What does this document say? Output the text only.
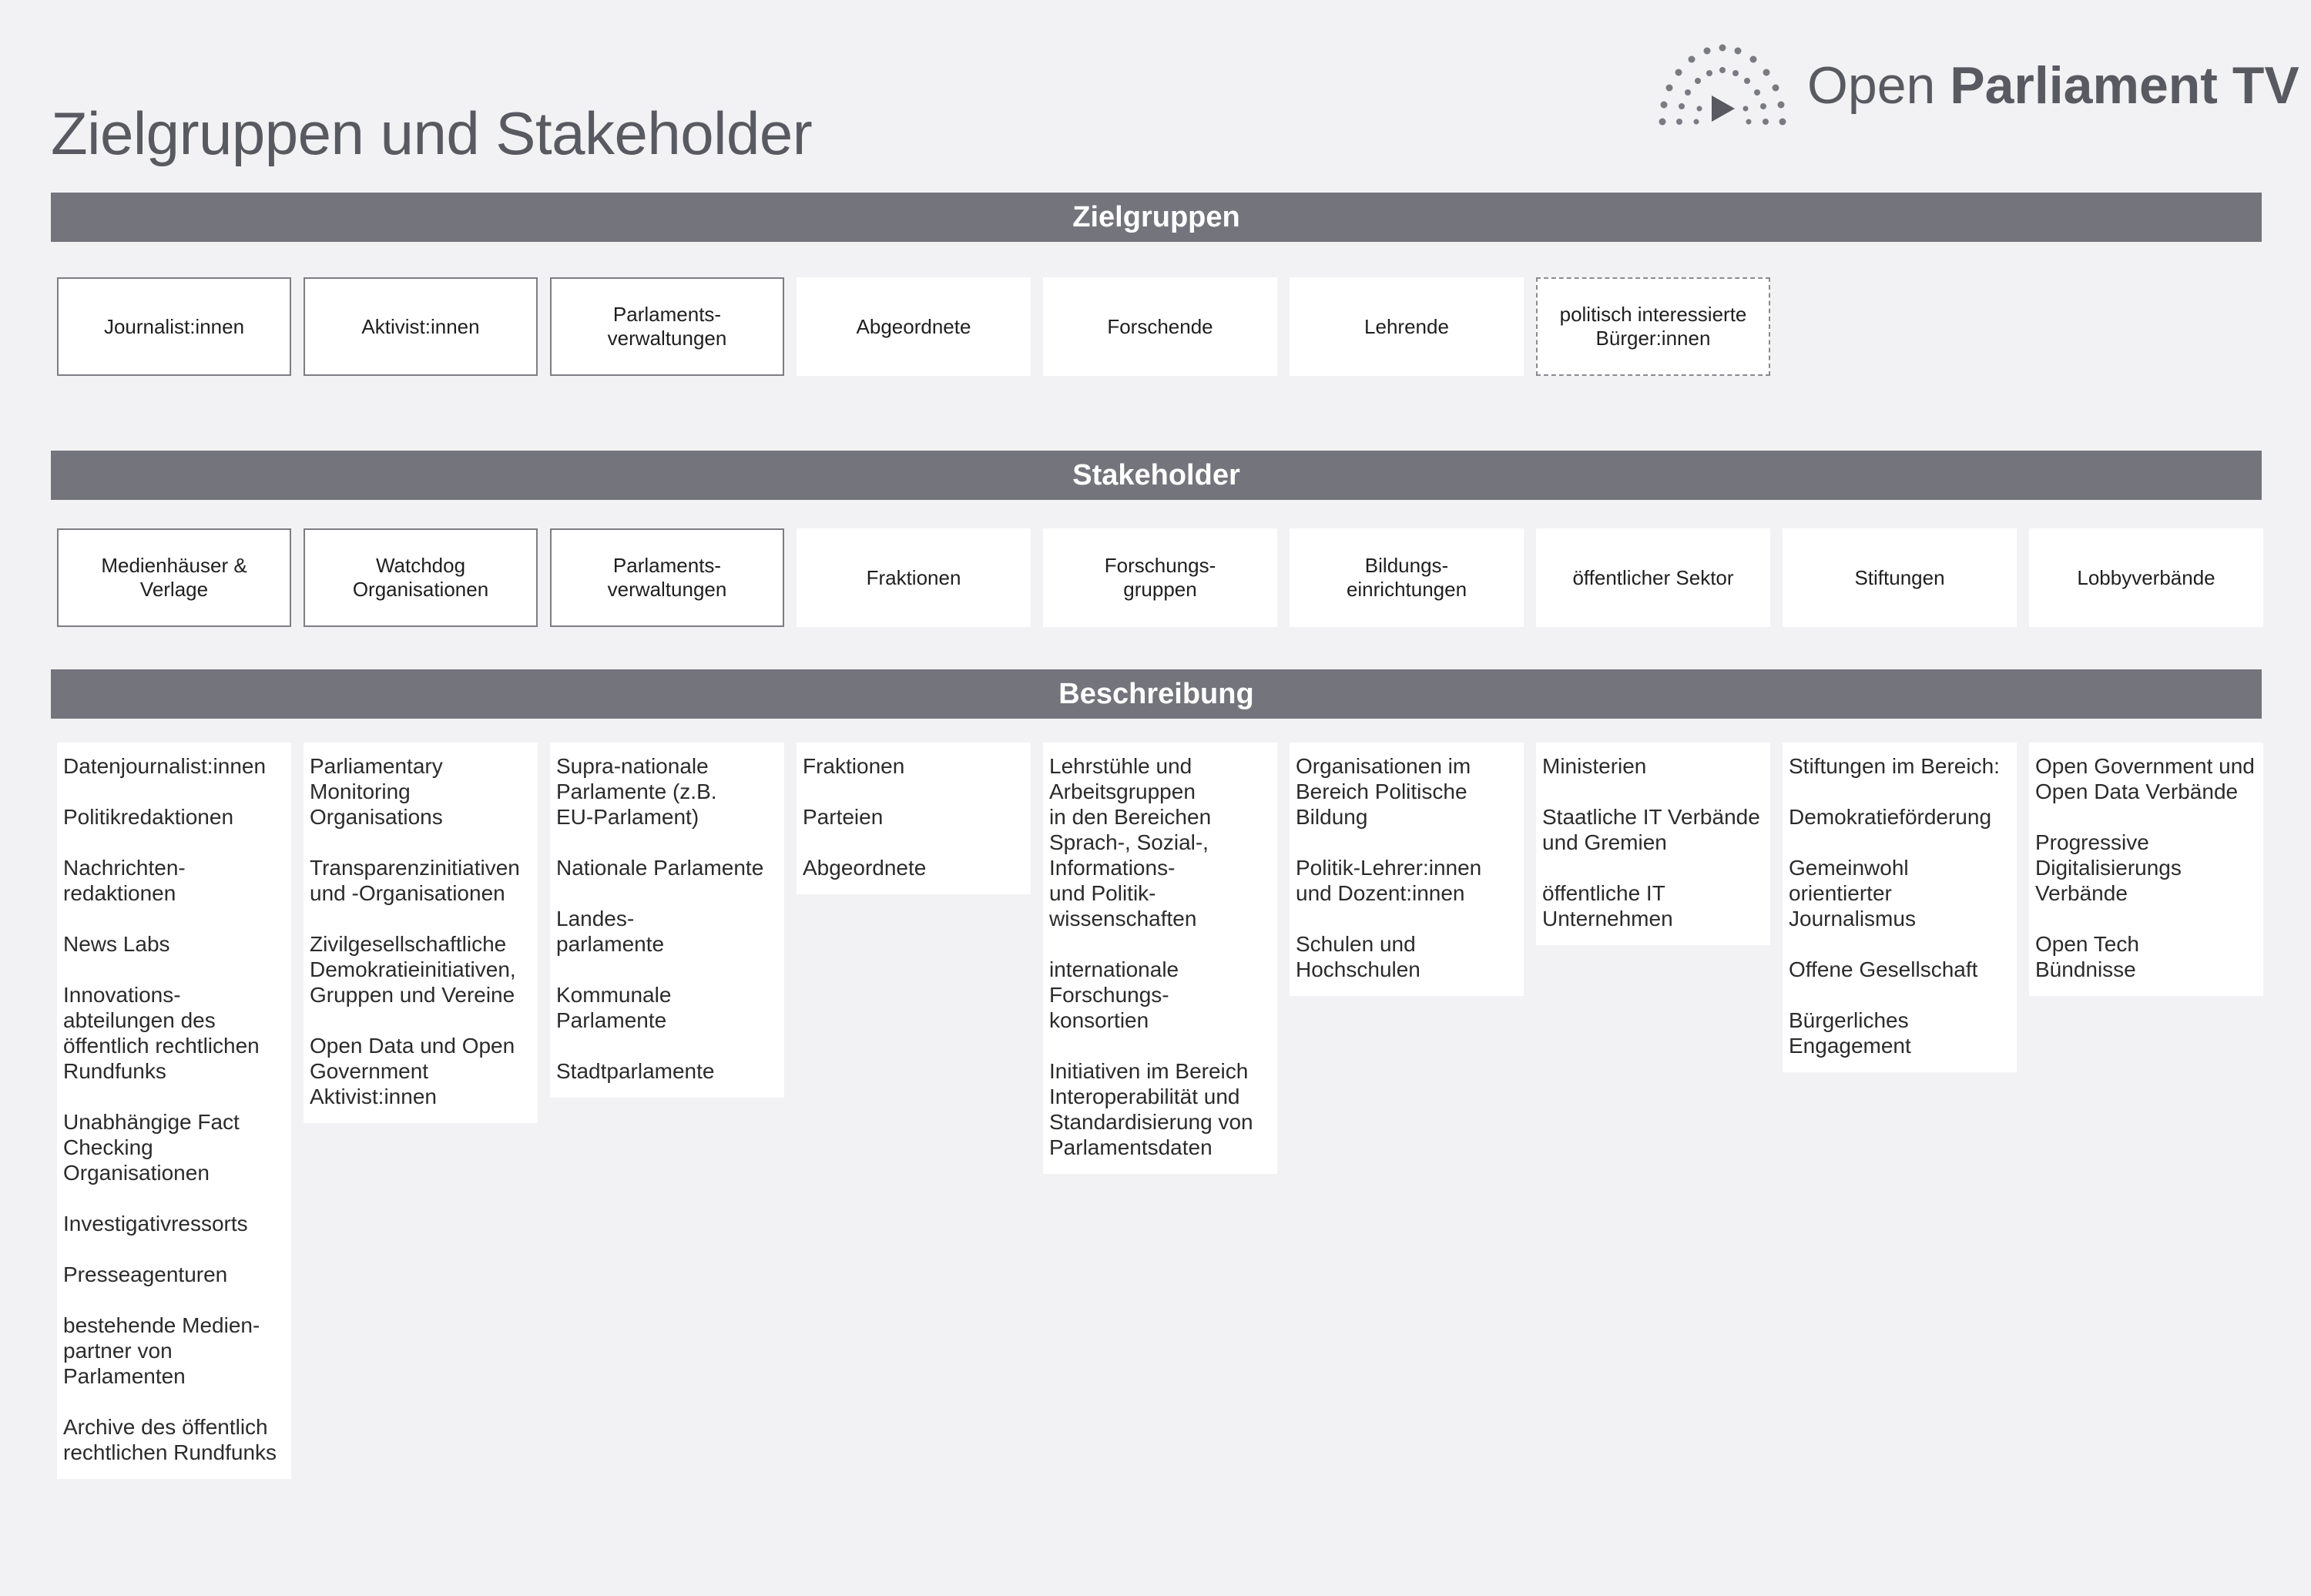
Zielgruppen und Stakeholder
Open Parliament TV
Zielgruppen
Journalist:innen	Aktivist:innen
Parlaments-
verwaltungen
Abgeordnete	Forschende	Lehrende
politisch interessierte
Bürger:innen
Stakeholder
Medienhäuser &
Verlage
Watchdog
Organisationen
Parlaments-
verwaltungen
Fraktionen
Forschungs-
gruppen
Bildungs-
einrichtungen
öffentlicher Sektor	Stiftungen	Lobbyverbände
Beschreibung
Datenjournalist:innen
Politikredaktionen
Nachrichten-
redaktionen
News Labs
Innovations-
abteilungen des
öffentlich rechtlichen
Rundfunks
Unabhängige Fact
Checking
Organisationen
Investigativressorts
Presseagenturen
bestehende Medien-
partner von
Parlamenten
Archive des öffentlich
rechtlichen Rundfunks
Parliamentary
Monitoring
Organisations
Transparenzinitiativen
und -Organisationen
Zivilgesellschaftliche
Demokratieinitiativen,
Gruppen und Vereine
Open Data und Open
Government
Aktivist:innen
Supra-nationale
Parlamente (z.B.
EU-Parlament)
Nationale Parlamente
Landes-
parlamente
Kommunale
Parlamente
Stadtparlamente
Fraktionen
Parteien
Abgeordnete
Lehrstühle und
Arbeitsgruppen
in den Bereichen
Sprach-, Sozial-,
Informations-
und Politik-
wissenschaften
internationale
Forschungs-
konsortien
Initiativen im Bereich
Interoperabilität und
Standardisierung von
Parlamentsdaten
Organisationen im
Bereich Politische
Bildung
Politik-Lehrer:innen
und Dozent:innen
Schulen und
Hochschulen
Ministerien
Staatliche IT Verbände
und Gremien
öffentliche IT
Unternehmen
Stiftungen im Bereich:
Demokratieförderung
Gemeinwohl
orientierter
Journalismus
Offene Gesellschaft
Bürgerliches
Engagement
Open Government und
Open Data Verbände
Progressive
Digitalisierungs
Verbände
Open Tech
Bündnisse
